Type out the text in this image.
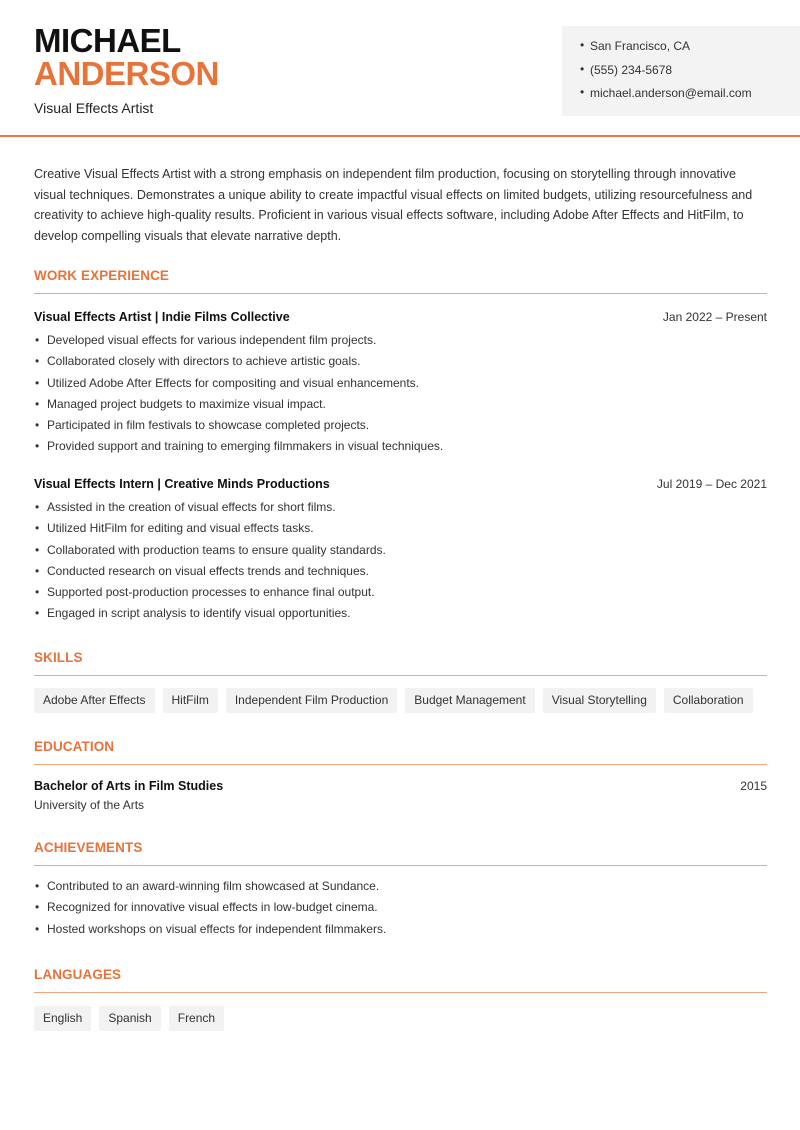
MICHAEL
ANDERSON
Visual Effects Artist
• San Francisco, CA
• (555) 234-5678
• michael.anderson@email.com

Creative Visual Effects Artist with a strong emphasis on independent film production, focusing on storytelling through innovative visual techniques. Demonstrates a unique ability to create impactful visual effects on limited budgets, utilizing resourcefulness and creativity to achieve high-quality results. Proficient in various visual effects software, including Adobe After Effects and HitFilm, to develop compelling visuals that elevate narrative depth.

WORK EXPERIENCE
Visual Effects Artist | Indie Films Collective	Jan 2022 – Present
• Developed visual effects for various independent film projects.
• Collaborated closely with directors to achieve artistic goals.
• Utilized Adobe After Effects for compositing and visual enhancements.
• Managed project budgets to maximize visual impact.
• Participated in film festivals to showcase completed projects.
• Provided support and training to emerging filmmakers in visual techniques.
Visual Effects Intern | Creative Minds Productions	Jul 2019 – Dec 2021
• Assisted in the creation of visual effects for short films.
• Utilized HitFilm for editing and visual effects tasks.
• Collaborated with production teams to ensure quality standards.
• Conducted research on visual effects trends and techniques.
• Supported post-production processes to enhance final output.
• Engaged in script analysis to identify visual opportunities.
SKILLS
Adobe After Effects	HitFilm	Independent Film Production	Budget Management	Visual Storytelling	Collaboration
EDUCATION
Bachelor of Arts in Film Studies	2015
University of the Arts
ACHIEVEMENTS
• Contributed to an award-winning film showcased at Sundance.
• Recognized for innovative visual effects in low-budget cinema.
• Hosted workshops on visual effects for independent filmmakers.
LANGUAGES
English	Spanish	French
